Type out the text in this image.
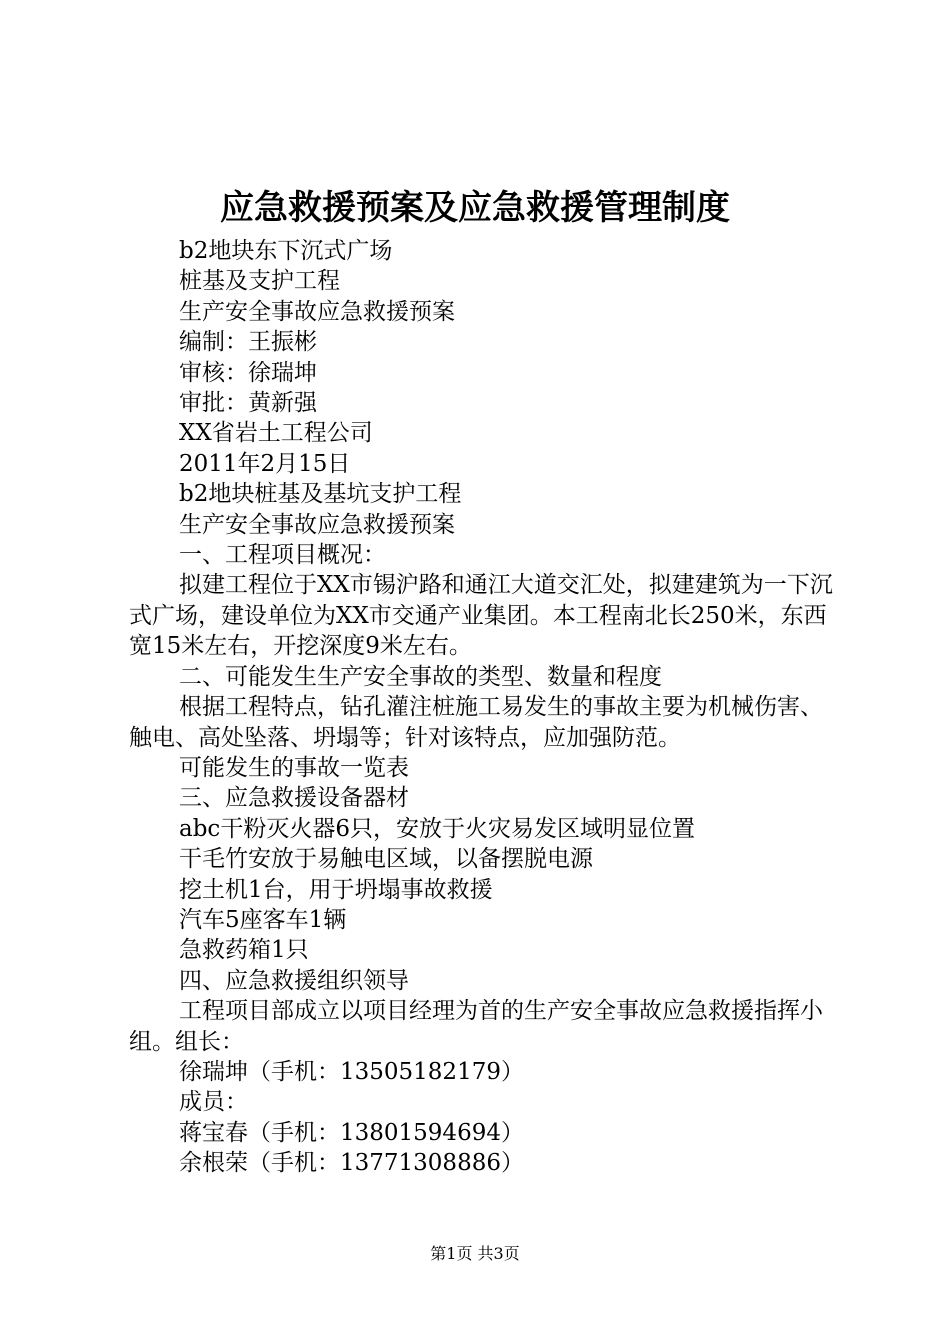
应急救援预案及应急救援管理制度

b2地块东下沉式广场

桩基及支护工程

生产安全事故应急救援预案

编制：王振彬

审核：徐瑞坤

审批：黄新强

XX省岩土工程公司

2011年2月15日

b2地块桩基及基坑支护工程

生产安全事故应急救援预案

一、工程项目概况：

拟建工程位于XX市锡沪路和通江大道交汇处，拟建建筑为一下沉式广场，建设单位为XX市交通产业集团。本工程南北长250米，东西宽15米左右，开挖深度9米左右。

二、可能发生生产安全事故的类型、数量和程度

根据工程特点，钻孔灌注桩施工易发生的事故主要为机械伤害、触电、高处坠落、坍塌等；针对该特点，应加强防范。

可能发生的事故一览表

三、应急救援设备器材

abc干粉灭火器6只，安放于火灾易发区域明显位置

干毛竹安放于易触电区域，以备摆脱电源

挖土机1台，用于坍塌事故救援

汽车5座客车1辆

急救药箱1只

四、应急救援组织领导

工程项目部成立以项目经理为首的生产安全事故应急救援指挥小组。组长：

徐瑞坤（手机：13505182179）

成员：

蒋宝春（手机：13801594694）

余根荣（手机：13771308886）

第1页 共3页
